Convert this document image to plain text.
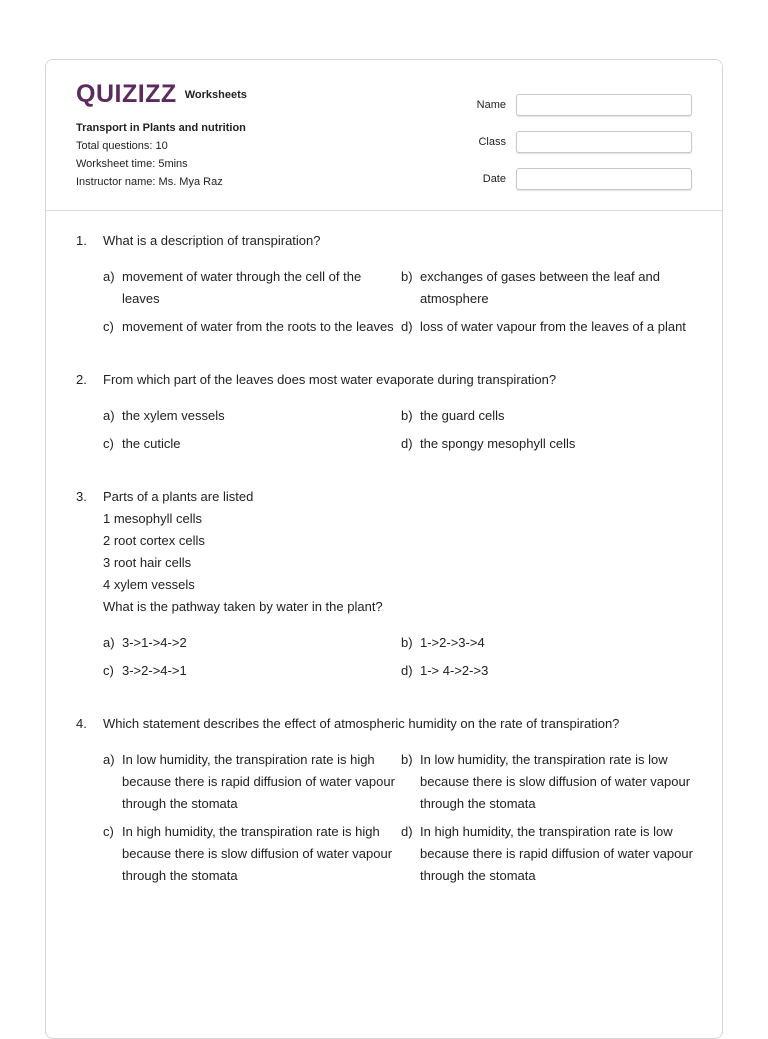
QUIZIZZ Worksheets
Transport in Plants and nutrition
Total questions: 10
Worksheet time: 5mins
Instructor name: Ms. Mya Raz
Name
Class
Date
1.	What is a description of transpiration?
a) movement of water through the cell of the leaves
b) exchanges of gases between the leaf and atmosphere
c) movement of water from the roots to the leaves d) loss of water vapour from the leaves of a plant
2.	From which part of the leaves does most water evaporate during transpiration?
a) the xylem vessels	b) the guard cells
c) the cuticle	d) the spongy mesophyll cells
3.	Parts of a plants are listed
1 mesophyll cells
2 root cortex cells
3 root hair cells
4 xylem vessels
What is the pathway taken by water in the plant?
a) 3->1->4->2	b) 1->2->3->4
c) 3->2->4->1	d) 1-> 4->2->3
4.	Which statement describes the effect of atmospheric humidity on the rate of transpiration?
a) In low humidity, the transpiration rate is high because there is rapid diffusion of water vapour through the stomata
b) In low humidity, the transpiration rate is low because there is slow diffusion of water vapour through the stomata
c) In high humidity, the transpiration rate is high because there is slow diffusion of water vapour through the stomata
d) In high humidity, the transpiration rate is low because there is rapid diffusion of water vapour through the stomata
